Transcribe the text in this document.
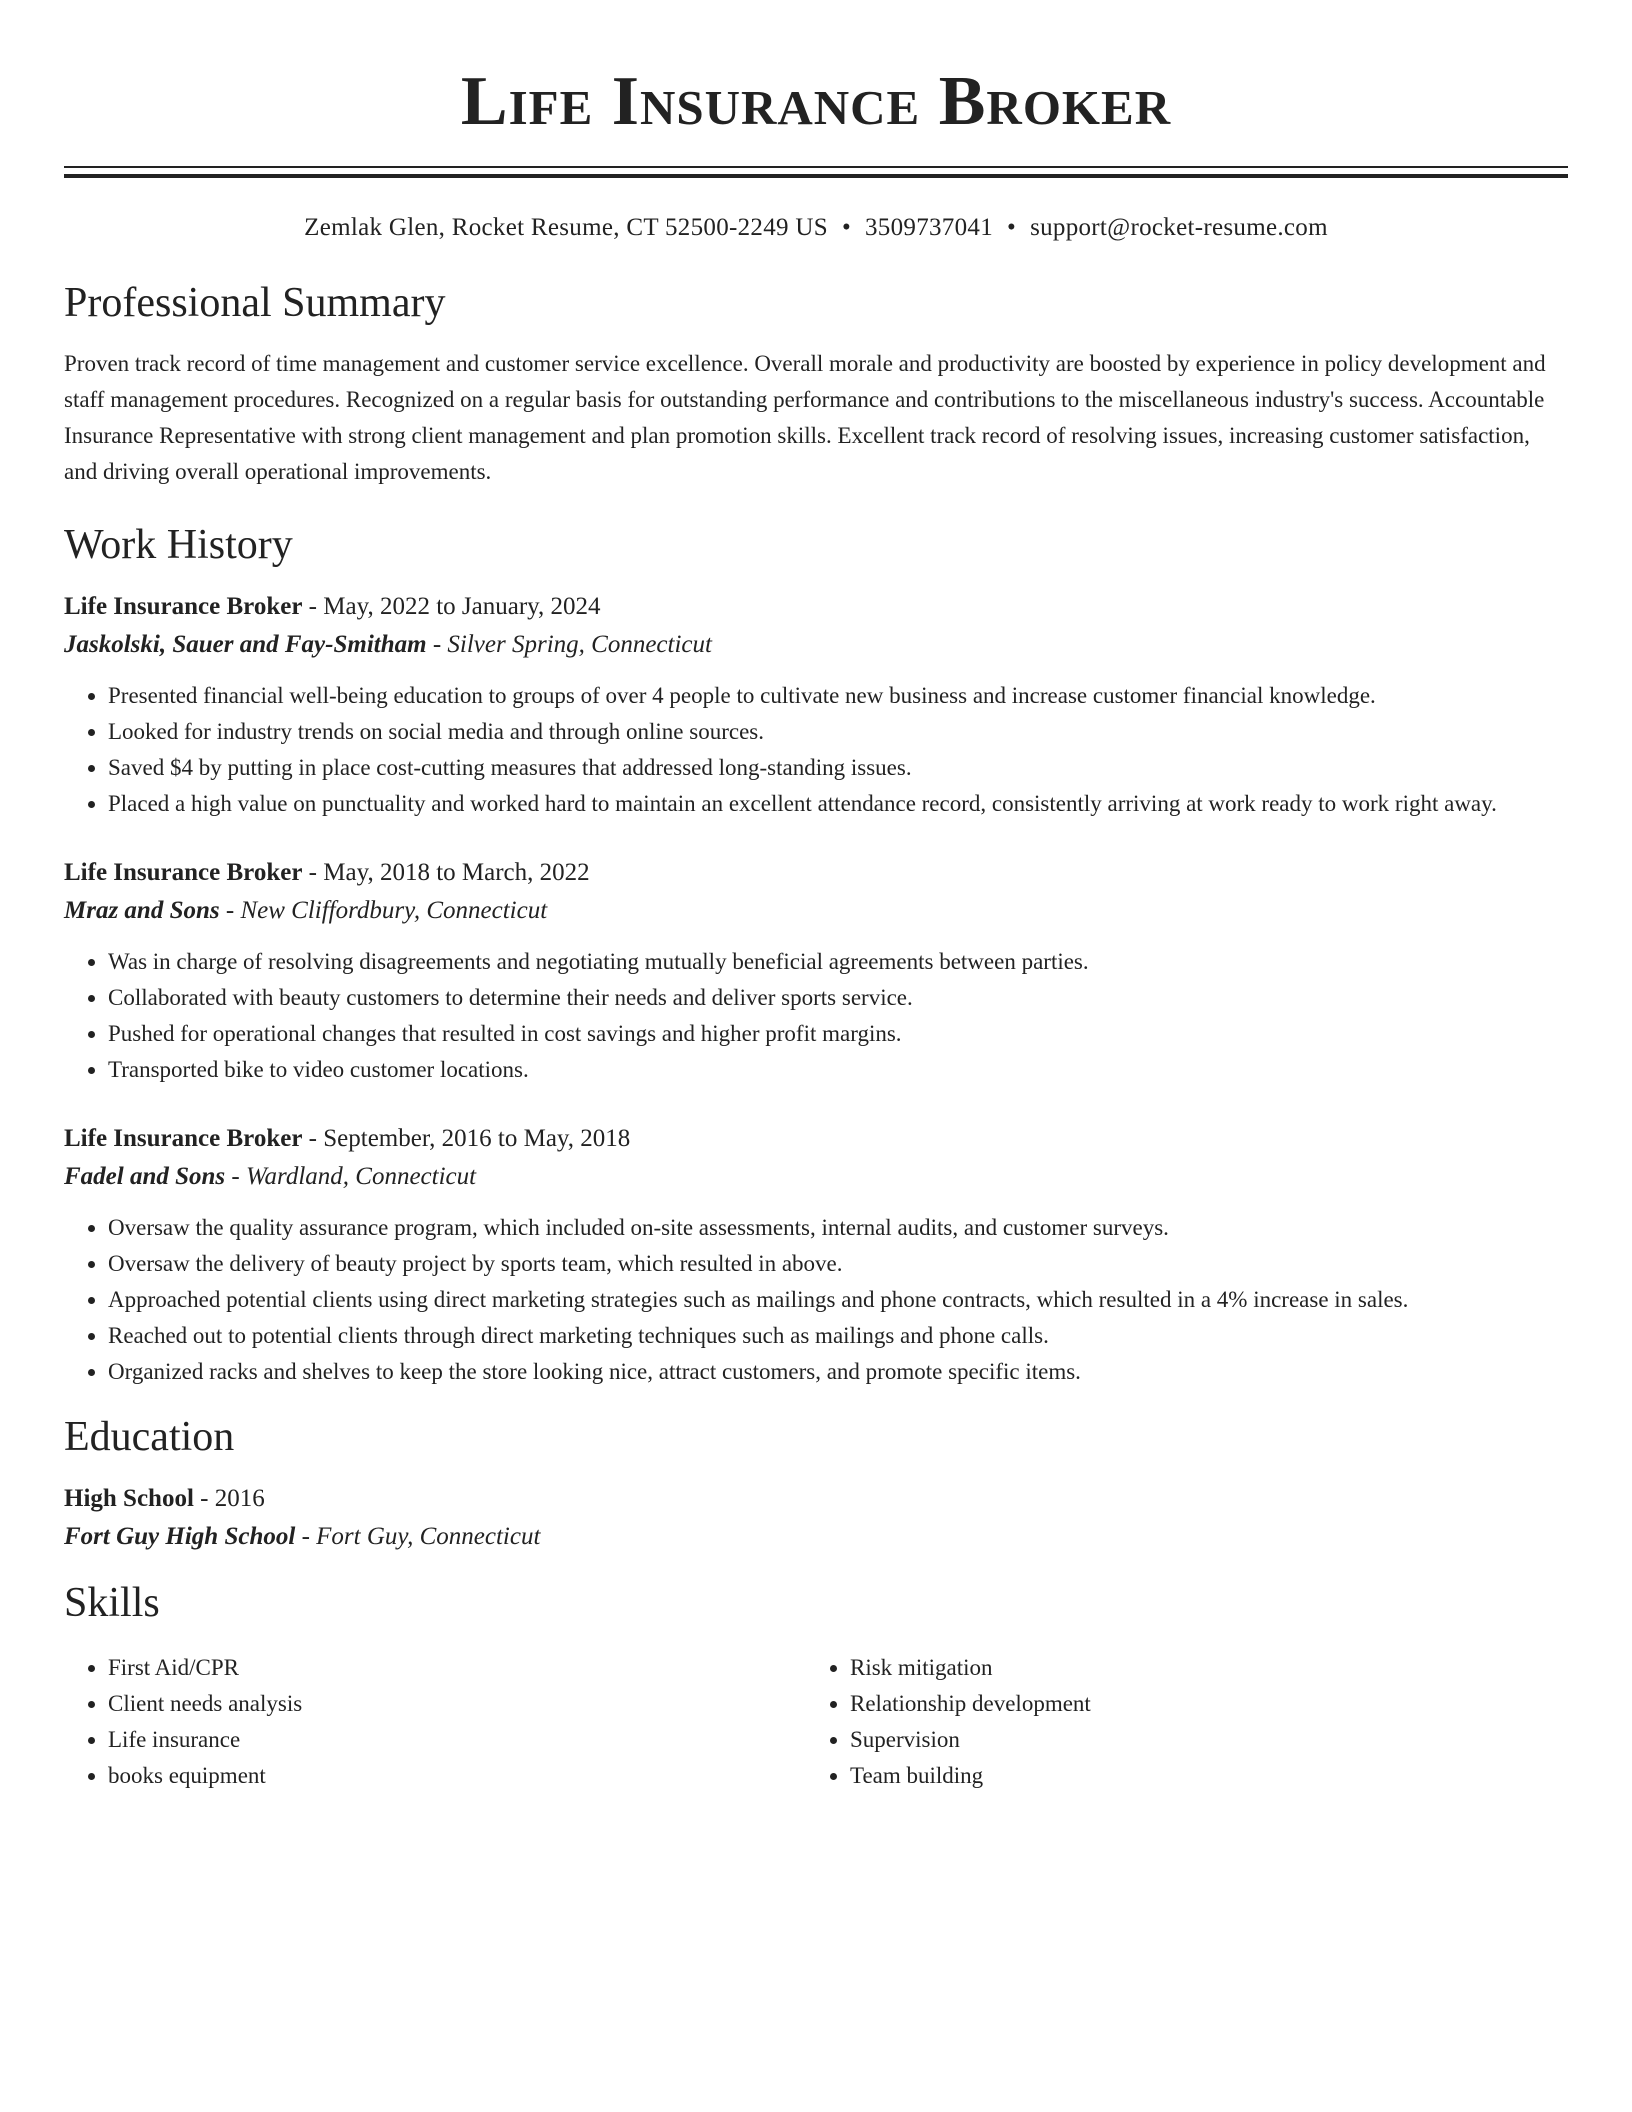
Life Insurance Broker
Zemlak Glen, Rocket Resume, CT 52500-2249 US • 3509737041 • support@rocket-resume.com
Professional Summary
Proven track record of time management and customer service excellence. Overall morale and productivity are boosted by experience in policy development and staff management procedures. Recognized on a regular basis for outstanding performance and contributions to the miscellaneous industry's success. Accountable Insurance Representative with strong client management and plan promotion skills. Excellent track record of resolving issues, increasing customer satisfaction, and driving overall operational improvements.
Work History
Life Insurance Broker - May, 2022 to January, 2024
Jaskolski, Sauer and Fay-Smitham - Silver Spring, Connecticut
• Presented financial well-being education to groups of over 4 people to cultivate new business and increase customer financial knowledge.
• Looked for industry trends on social media and through online sources.
• Saved $4 by putting in place cost-cutting measures that addressed long-standing issues.
• Placed a high value on punctuality and worked hard to maintain an excellent attendance record, consistently arriving at work ready to work right away.
Life Insurance Broker - May, 2018 to March, 2022
Mraz and Sons - New Cliffordbury, Connecticut
• Was in charge of resolving disagreements and negotiating mutually beneficial agreements between parties.
• Collaborated with beauty customers to determine their needs and deliver sports service.
• Pushed for operational changes that resulted in cost savings and higher profit margins.
• Transported bike to video customer locations.
Life Insurance Broker - September, 2016 to May, 2018
Fadel and Sons - Wardland, Connecticut
• Oversaw the quality assurance program, which included on-site assessments, internal audits, and customer surveys.
• Oversaw the delivery of beauty project by sports team, which resulted in above.
• Approached potential clients using direct marketing strategies such as mailings and phone contracts, which resulted in a 4% increase in sales.
• Reached out to potential clients through direct marketing techniques such as mailings and phone calls.
• Organized racks and shelves to keep the store looking nice, attract customers, and promote specific items.
Education
High School - 2016
Fort Guy High School - Fort Guy, Connecticut
Skills
• First Aid/CPR
• Client needs analysis
• Life insurance
• books equipment
• Risk mitigation
• Relationship development
• Supervision
• Team building
